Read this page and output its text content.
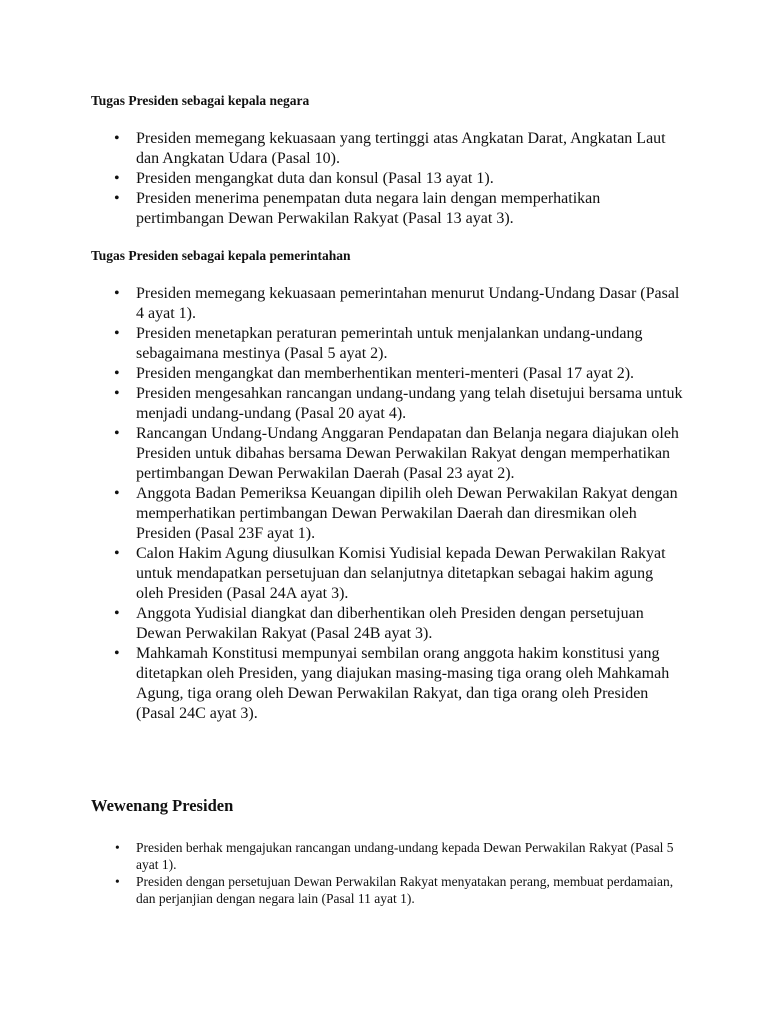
Tugas Presiden sebagai kepala negara
• Presiden memegang kekuasaan yang tertinggi atas Angkatan Darat, Angkatan Laut dan Angkatan Udara (Pasal 10).
• Presiden mengangkat duta dan konsul (Pasal 13 ayat 1).
• Presiden menerima penempatan duta negara lain dengan memperhatikan pertimbangan Dewan Perwakilan Rakyat (Pasal 13 ayat 3).
Tugas Presiden sebagai kepala pemerintahan
• Presiden memegang kekuasaan pemerintahan menurut Undang-Undang Dasar (Pasal 4 ayat 1).
• Presiden menetapkan peraturan pemerintah untuk menjalankan undang-undang sebagaimana mestinya (Pasal 5 ayat 2).
• Presiden mengangkat dan memberhentikan menteri-menteri (Pasal 17 ayat 2).
• Presiden mengesahkan rancangan undang-undang yang telah disetujui bersama untuk menjadi undang-undang (Pasal 20 ayat 4).
• Rancangan Undang-Undang Anggaran Pendapatan dan Belanja negara diajukan oleh Presiden untuk dibahas bersama Dewan Perwakilan Rakyat dengan memperhatikan pertimbangan Dewan Perwakilan Daerah (Pasal 23 ayat 2).
• Anggota Badan Pemeriksa Keuangan dipilih oleh Dewan Perwakilan Rakyat dengan memperhatikan pertimbangan Dewan Perwakilan Daerah dan diresmikan oleh Presiden (Pasal 23F ayat 1).
• Calon Hakim Agung diusulkan Komisi Yudisial kepada Dewan Perwakilan Rakyat untuk mendapatkan persetujuan dan selanjutnya ditetapkan sebagai hakim agung oleh Presiden (Pasal 24A ayat 3).
• Anggota Yudisial diangkat dan diberhentikan oleh Presiden dengan persetujuan Dewan Perwakilan Rakyat (Pasal 24B ayat 3).
• Mahkamah Konstitusi mempunyai sembilan orang anggota hakim konstitusi yang ditetapkan oleh Presiden, yang diajukan masing-masing tiga orang oleh Mahkamah Agung, tiga orang oleh Dewan Perwakilan Rakyat, dan tiga orang oleh Presiden (Pasal 24C ayat 3).
Wewenang Presiden
• Presiden berhak mengajukan rancangan undang-undang kepada Dewan Perwakilan Rakyat (Pasal 5 ayat 1).
• Presiden dengan persetujuan Dewan Perwakilan Rakyat menyatakan perang, membuat perdamaian, dan perjanjian dengan negara lain (Pasal 11 ayat 1).
